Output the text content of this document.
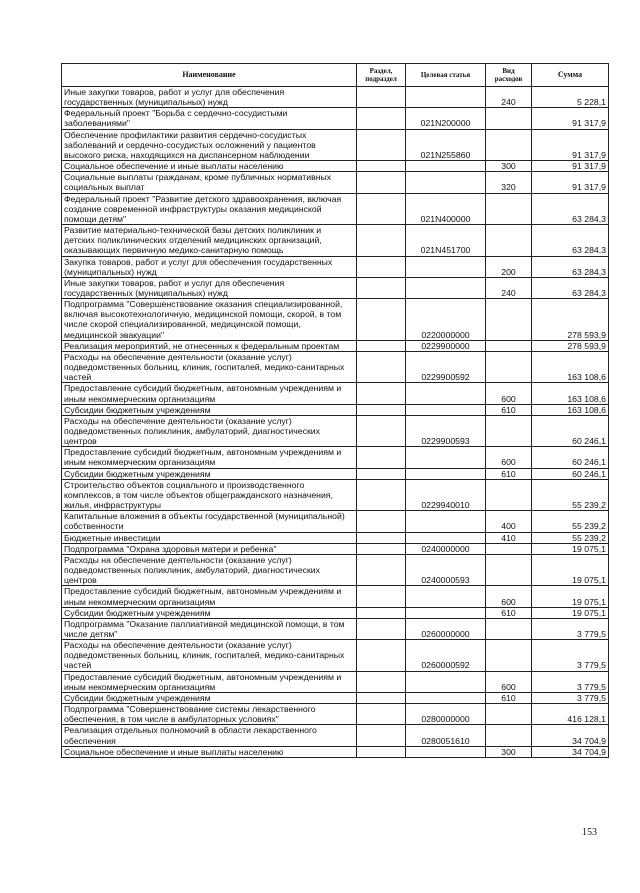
Наименование	Раздел, подраздел	Целевая статья	Вид расходов	Сумма
Иные закупки товаров, работ и услуг для обеспечения государственных (муниципальных) нужд			240	5 228,1
Федеральный проект "Борьба с сердечно-сосудистыми заболеваниями"		021N200000		91 317,9
Обеспечение профилактики развития сердечно-сосудистых заболеваний и сердечно-сосудистых осложнений у пациентов высокого риска, находящихся на диспансерном наблюдении		021N255860		91 317,9
Социальное обеспечение и иные выплаты населению			300	91 317,9
Социальные выплаты гражданам, кроме публичных нормативных социальных выплат			320	91 317,9
Федеральный проект "Развитие детского здравоохранения, включая создание современной инфраструктуры оказания медицинской помощи детям"		021N400000		63 284,3
Развитие материально-технической базы детских поликлиник и детских поликлинических отделений медицинских организаций, оказывающих первичную медико-санитарную помощь		021N451700		63 284,3
Закупка товаров, работ и услуг для обеспечения государственных (муниципальных) нужд			200	63 284,3
Иные закупки товаров, работ и услуг для обеспечения государственных (муниципальных) нужд			240	63 284,3
Подпрограмма "Совершенствование оказания специализированной, включая высокотехнологичную, медицинской помощи, скорой, в том числе скорой специализированной, медицинской помощи, медицинской эвакуации"		0220000000		278 593,9
Реализация мероприятий, не отнесенных к федеральным проектам		0229900000		278 593,9
Расходы на обеспечение деятельности (оказание услуг) подведомственных больниц, клиник, госпиталей, медико-санитарных частей		0229900592		163 108,6
Предоставление субсидий бюджетным, автономным учреждениям и иным некоммерческим организациям			600	163 108,6
Субсидии бюджетным учреждениям			610	163 108,6
Расходы на обеспечение деятельности (оказание услуг) подведомственных поликлиник, амбулаторий, диагностических центров		0229900593		60 246,1
Предоставление субсидий бюджетным, автономным учреждениям и иным некоммерческим организациям			600	60 246,1
Субсидии бюджетным учреждениям			610	60 246,1
Строительство объектов социального и производственного комплексов, в том числе объектов общегражданского назначения, жилья, инфраструктуры		0229940010		55 239,2
Капитальные вложения в объекты государственной (муниципальной) собственности			400	55 239,2
Бюджетные инвестиции			410	55 239,2
Подпрограмма "Охрана здоровья матери и ребенка"		0240000000		19 075,1
Расходы на обеспечение деятельности (оказание услуг) подведомственных поликлиник, амбулаторий, диагностических центров		0240000593		19 075,1
Предоставление субсидий бюджетным, автономным учреждениям и иным некоммерческим организациям			600	19 075,1
Субсидии бюджетным учреждениям			610	19 075,1
Подпрограмма "Оказание паллиативной медицинской помощи, в том числе детям"		0260000000		3 779,5
Расходы на обеспечение деятельности (оказание услуг) подведомственных больниц, клиник, госпиталей, медико-санитарных частей		0260000592		3 779,5
Предоставление субсидий бюджетным, автономным учреждениям и иным некоммерческим организациям			600	3 779,5
Субсидии бюджетным учреждениям			610	3 779,5
Подпрограмма "Совершенствование системы лекарственного обеспечения, в том числе в амбулаторных условиях"		0280000000		416 128,1
Реализация отдельных полномочий в области лекарственного обеспечения		0280051610		34 704,9
Социальное обеспечение и иные выплаты населению			300	34 704,9
153
